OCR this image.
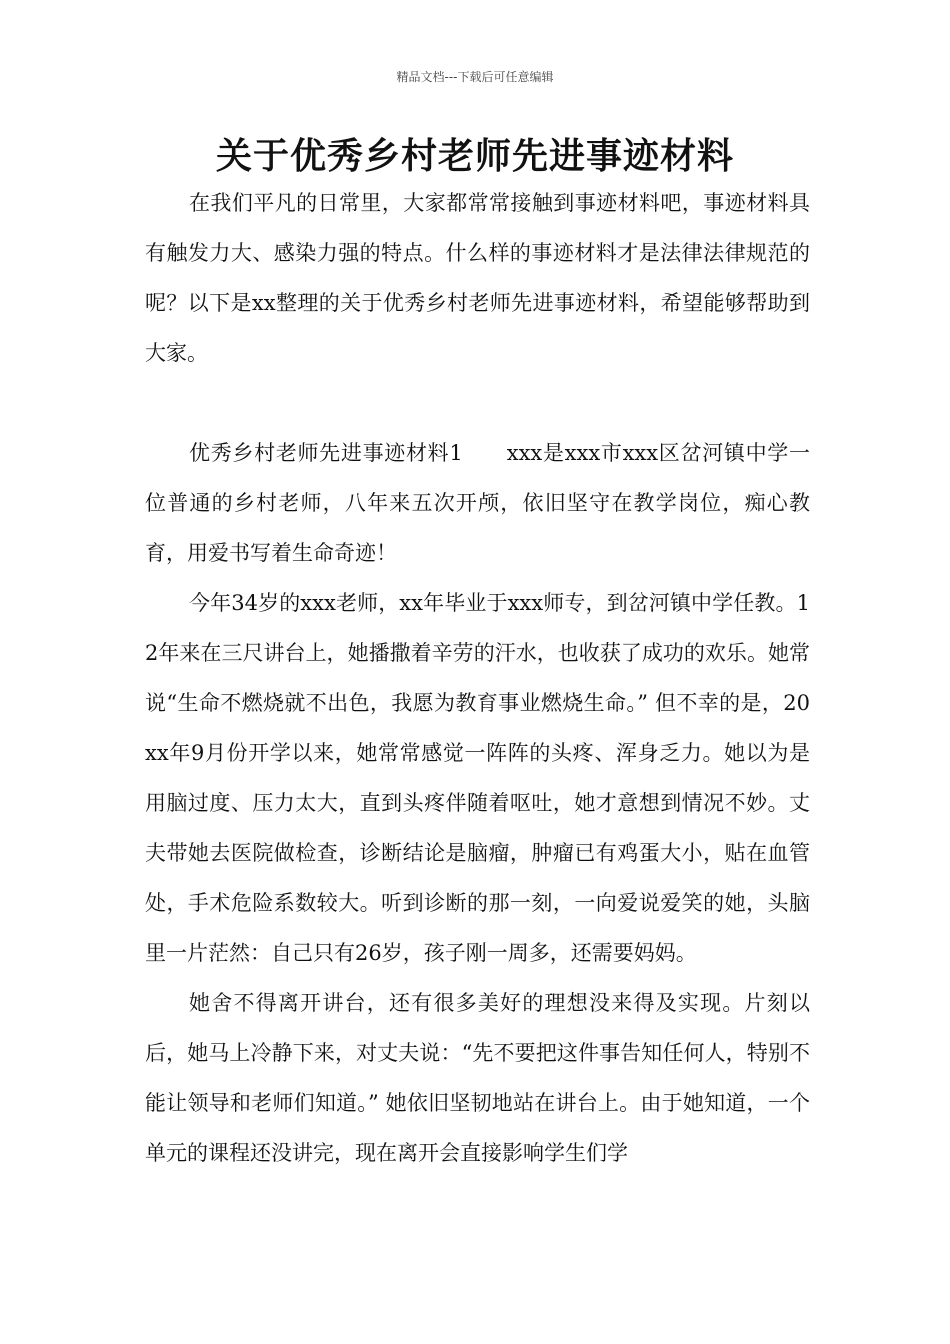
精品文档---下载后可任意编辑
关于优秀乡村老师先进事迹材料

在我们平凡的日常里，大家都常常接触到事迹材料吧，事迹材料具有触发力大、感染力强的特点。什么样的事迹材料才是法律法律规范的呢？以下是xx整理的关于优秀乡村老师先进事迹材料，希望能够帮助到大家。

优秀乡村老师先进事迹材料1 xxx是xxx市xxx区岔河镇中学一位普通的乡村老师，八年来五次开颅，依旧坚守在教学岗位，痴心教育，用爱书写着生命奇迹！

今年34岁的xxx老师，xx年毕业于xxx师专，到岔河镇中学任教。12年来在三尺讲台上，她播撒着辛劳的汗水，也收获了成功的欢乐。她常说“生命不燃烧就不出色，我愿为教育事业燃烧生命。” 但不幸的是，20xx年9月份开学以来，她常常感觉一阵阵的头疼、浑身乏力。她以为是用脑过度、压力太大，直到头疼伴随着呕吐，她才意想到情况不妙。丈夫带她去医院做检查，诊断结论是脑瘤，肿瘤已有鸡蛋大小，贴在血管处，手术危险系数较大。听到诊断的那一刻，一向爱说爱笑的她，头脑里一片茫然：自己只有26岁，孩子刚一周多，还需要妈妈。

她舍不得离开讲台，还有很多美好的理想没来得及实现。片刻以后，她马上冷静下来，对丈夫说：“先不要把这件事告知任何人，特别不能让领导和老师们知道。” 她依旧坚韧地站在讲台上。由于她知道，一个单元的课程还没讲完，现在离开会直接影响学生们学
